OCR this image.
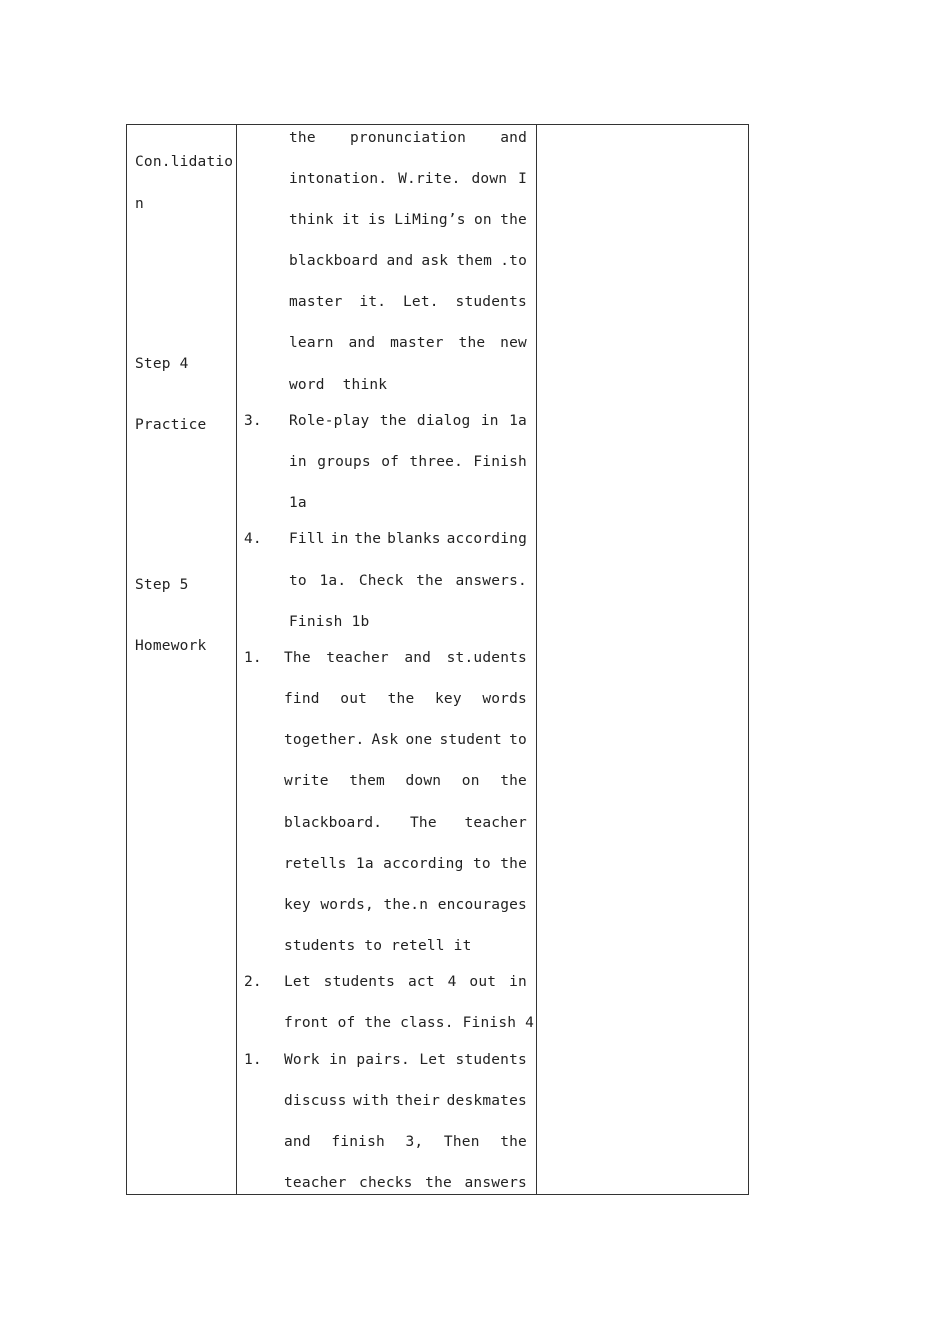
Con.lidatio
n
Step 4
Practice
Step 5
Homework
the pronunciation and
intonation. W.rite. down I
think it is LiMing’s on the
blackboard and ask them .to
master it. Let. students
learn and master the new
word  think
3. Role-play the dialog in 1a
in groups of three. Finish
1a
4. Fill in the blanks according
to 1a. Check the answers.
Finish 1b
1. The teacher and st.udents
find out the key words
together. Ask one student to
write them down on the
blackboard. The teacher
retells 1a according to the
key words, the.n encourages
students to retell it
2. Let students act 4 out in
front of the class. Finish 4
1. Work in pairs. Let students
discuss with their deskmates
and finish 3, Then the
teacher checks the answers
